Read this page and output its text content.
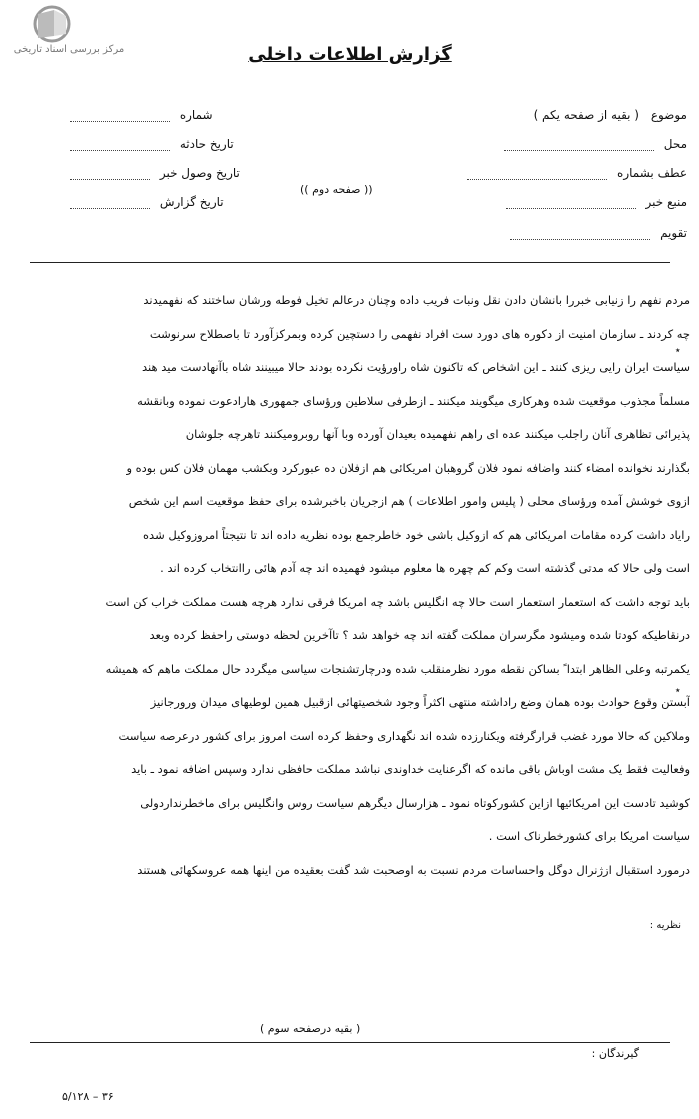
مرکز بررسی اسناد تاریخی	گزارش اطلاعات داخلی
موضوع ( بقیه از صفحه یکم )
محل
عطف بشماره
منبع خبر
تقویم
شماره
تاریخ حادثه
تاریخ وصول خبر
تاریخ گزارش
(( صفحه دوم ))

مردم نفهم را زنیابی خبررا بانشان دادن نقل ونبات فریب داده وچنان درعالم تخیل فوطه ورشان ساختند که نفهمیدند

چه کردند ـ سازمان امنیت از دکوره های دورد ست افراد نفهمی را دستچین کرده وبمرکزآورد تا باصطلاح سرنوشت

سیاست ایران رایی ریزی کنند ـ این اشخاص که تاکنون شاه راورؤیت نکرده بودند حالا میبینند شاه باآنهادست مید هند

مسلماً مجذوب موقعیت شده وهرکاری میگویند میکنند ـ ازطرفی سلاطین ورؤسای جمهوری هارادعوت نموده وبانقشه

پذیرائی تظاهری آنان راجلب میکنند عده ای راهم نفهمیده بعیدان آورده وبا آنها روبرومیکنند تاهرچه جلوشان

بگذارند نخوانده امضاء کنند واضافه نمود فلان گروهبان امریکائی هم ازفلان ده عبورکرد وبکشب مهمان فلان کس بوده و

ازوی خوشش آمده ورؤسای محلی ( پلیس وامور اطلاعات ) هم ازجریان باخبرشده برای حفظ موقعیت اسم این شخص

رایاد داشت کرده مقامات امریکائی هم که ازوکیل باشی خود خاطرجمع بوده نظریه داده اند تا نتیجتاً امروزوکیل شده

است ولی حالا که مدتی گذشته است وکم کم چهره ها معلوم میشود فهمیده اند چه آدم هائی راانتخاب کرده اند .

باید توجه داشت که استعمار استعمار است حالا چه انگلیس باشد چه امریکا فرقی ندارد هرچه هست مملکت خراب کن است

درنقاطیکه کودتا شده ومیشود مگرسران مملکت گفته اند چه خواهد شد ؟ تاآخرین لحظه دوستی راحفظ کرده وبعد

یکمرتبه وعلی الظاهر ابتدا ً بساکن نقطه مورد نظرمنقلب شده ودرچارتشنجات سیاسی میگردد حال مملکت ماهم که همیشه

آبستن وقوع حوادث بوده همان وضع راداشته منتهی اکثراً وجود شخصیتهائی ازقبیل همین لوطیهای میدان ورورجانیز

وملاکین که حالا مورد غضب قرارگرفته ویکنارزده شده اند نگهداری وحفظ کرده است امروز برای کشور درعرصه سیاست

وفعالیت فقط یک مشت اوباش باقی مانده که اگرعنایت خداوندی نباشد مملکت حافظی ندارد وسپس اضافه نمود ـ باید

کوشید تادست این امریکائیها ازاین کشورکوتاه نمود ـ هزارسال دیگرهم سیاست روس وانگلیس برای ماخطرنداردولی

سیاست امریکا برای کشورخطرناک است .

درمورد استقبال ازژنرال دوگل واحساسات مردم نسبت به اوصحبت شد گفت بعقیده من اینها همه عروسکهائی هستند

نظریه :
( بقیه درصفحه سوم )
گیرندگان :
۵/۱۲۸ – ۳۶
٭
٭
